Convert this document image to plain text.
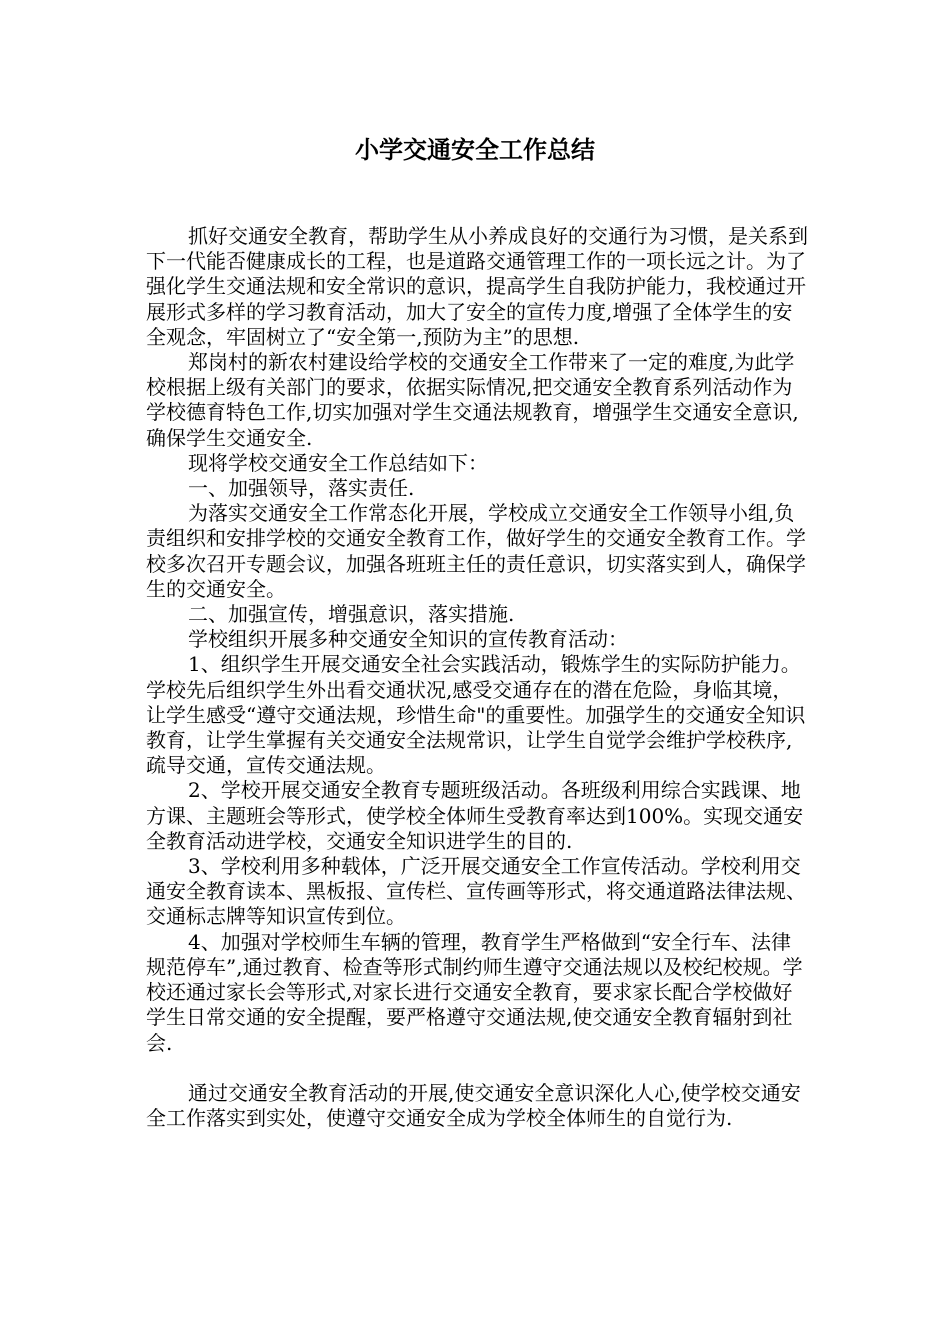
小学交通安全工作总结

抓好交通安全教育，帮助学生从小养成良好的交通行为习惯，是关系到下一代能否健康成长的工程，也是道路交通管理工作的一项长远之计。为了强化学生交通法规和安全常识的意识，提高学生自我防护能力，我校通过开展形式多样的学习教育活动，加大了安全的宣传力度,增强了全体学生的安全观念，牢固树立了“安全第一,预防为主”的思想.

郑岗村的新农村建设给学校的交通安全工作带来了一定的难度,为此学校根据上级有关部门的要求，依据实际情况,把交通安全教育系列活动作为学校德育特色工作,切实加强对学生交通法规教育，增强学生交通安全意识,确保学生交通安全.

现将学校交通安全工作总结如下：

一、加强领导，落实责任.

为落实交通安全工作常态化开展，学校成立交通安全工作领导小组,负责组织和安排学校的交通安全教育工作，做好学生的交通安全教育工作。学校多次召开专题会议，加强各班班主任的责任意识，切实落实到人，确保学生的交通安全。

二、加强宣传，增强意识，落实措施.

学校组织开展多种交通安全知识的宣传教育活动：

1、组织学生开展交通安全社会实践活动，锻炼学生的实际防护能力。学校先后组织学生外出看交通状况,感受交通存在的潜在危险，身临其境，让学生感受“遵守交通法规，珍惜生命"的重要性。加强学生的交通安全知识教育，让学生掌握有关交通安全法规常识，让学生自觉学会维护学校秩序,疏导交通，宣传交通法规。

2、学校开展交通安全教育专题班级活动。各班级利用综合实践课、地方课、主题班会等形式，使学校全体师生受教育率达到100%。实现交通安全教育活动进学校，交通安全知识进学生的目的.

3、学校利用多种载体，广泛开展交通安全工作宣传活动。学校利用交通安全教育读本、黑板报、宣传栏、宣传画等形式，将交通道路法律法规、交通标志牌等知识宣传到位。

4、加强对学校师生车辆的管理，教育学生严格做到“安全行车、法律规范停车”,通过教育、检查等形式制约师生遵守交通法规以及校纪校规。学校还通过家长会等形式,对家长进行交通安全教育，要求家长配合学校做好学生日常交通的安全提醒，要严格遵守交通法规,使交通安全教育辐射到社会.

通过交通安全教育活动的开展,使交通安全意识深化人心,使学校交通安全工作落实到实处，使遵守交通安全成为学校全体师生的自觉行为.
